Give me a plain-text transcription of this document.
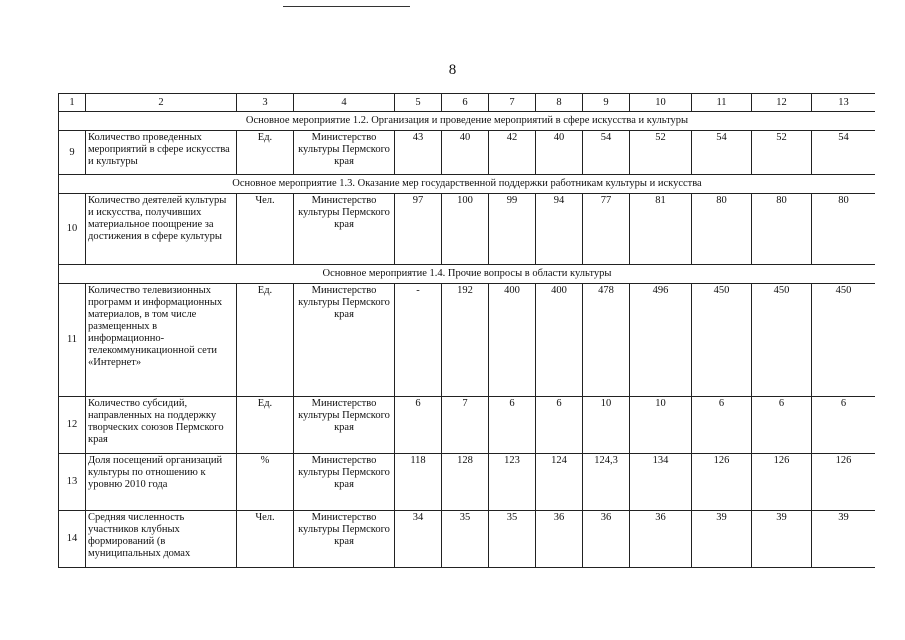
8
1	2	3	4	5	6	7	8	9	10	11	12	13
Основное мероприятие 1.2. Организация и проведение мероприятий в сфере искусства и культуры												
9	Количество проведенных мероприятий в сфере искусства и культуры	Ед.	Министерство культуры Пермского края	43	40	42	40	54	52	54	52	54
Основное мероприятие 1.3. Оказание мер государственной поддержки работникам культуры и искусства												
10	Количество деятелей культуры и искусства, получивших материальное поощрение за достижения в сфере культуры	Чел.	Министерство культуры Пермского края	97	100	99	94	77	81	80	80	80
Основное мероприятие 1.4. Прочие вопросы в области культуры												
11	Количество телевизионных программ и информационных материалов, в том числе размещенных в информационно-телекоммуникационной сети «Интернет»	Ед.	Министерство культуры Пермского края	-	192	400	400	478	496	450	450	450
12	Количество субсидий, направленных на поддержку творческих союзов Пермского края	Ед.	Министерство культуры Пермского края	6	7	6	6	10	10	6	6	6
13	Доля посещений организаций культуры по отношению к уровню 2010 года	%	Министерство культуры Пермского края	118	128	123	124	124,3	134	126	126	126
14	Средняя численность участников клубных формирований (в муниципальных домах	Чел.	Министерство культуры Пермского края	34	35	35	36	36	36	39	39	39
